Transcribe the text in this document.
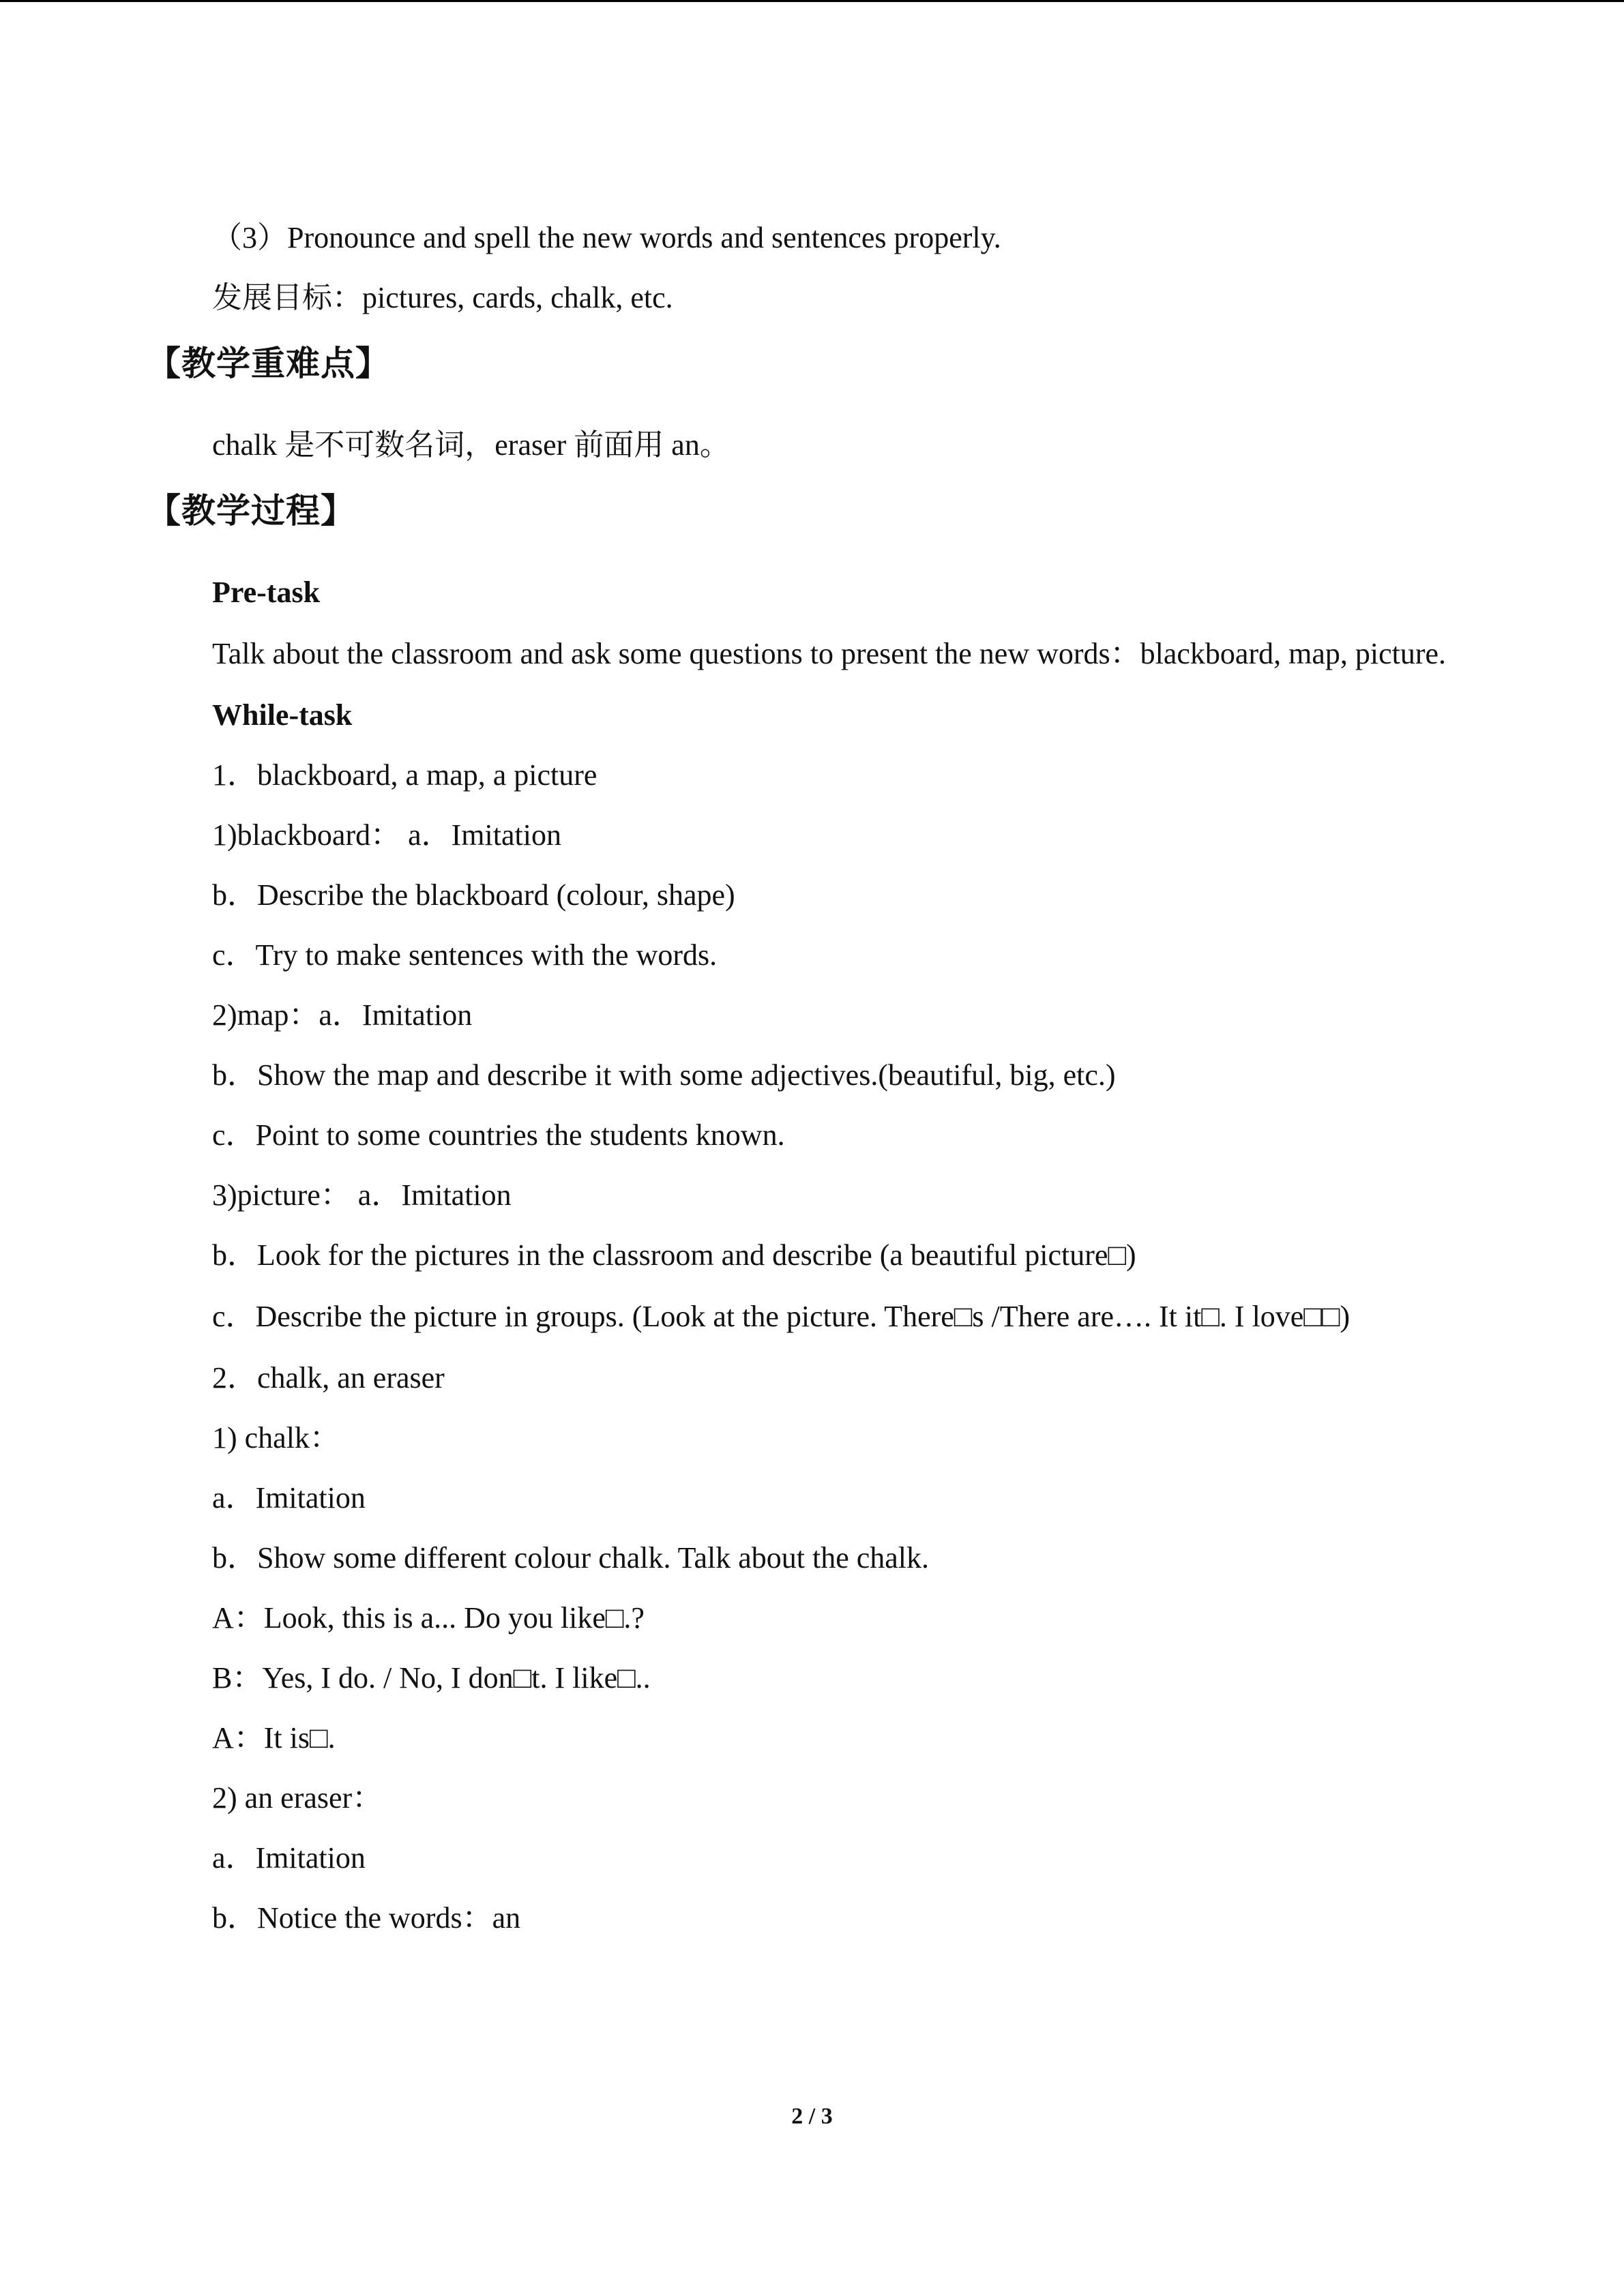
（3）Pronounce and spell the new words and sentences properly.
发展目标：pictures, cards, chalk, etc.
【教学重难点】
chalk 是不可数名词，eraser 前面用 an。
【教学过程】
Pre-task
Talk about the classroom and ask some questions to present the new words：blackboard, map, picture.
While-task
1．blackboard, a map, a picture
1)blackboard： a．Imitation
b．Describe the blackboard (colour, shape)
c．Try to make sentences with the words.
2)map：a．Imitation
b．Show the map and describe it with some adjectives.(beautiful, big, etc.)
c．Point to some countries the students known.
3)picture： a．Imitation
b．Look for the pictures in the classroom and describe (a beautiful picture□)
c．Describe the picture in groups. (Look at the picture. There□s /There are…. It it□. I love□□)
2．chalk, an eraser
1) chalk：
a．Imitation
b．Show some different colour chalk. Talk about the chalk.
A：Look, this is a... Do you like□.?
B：Yes, I do. / No, I don□t. I like□..
A：It is□.
2) an eraser：
a．Imitation
b．Notice the words：an
2 / 3
